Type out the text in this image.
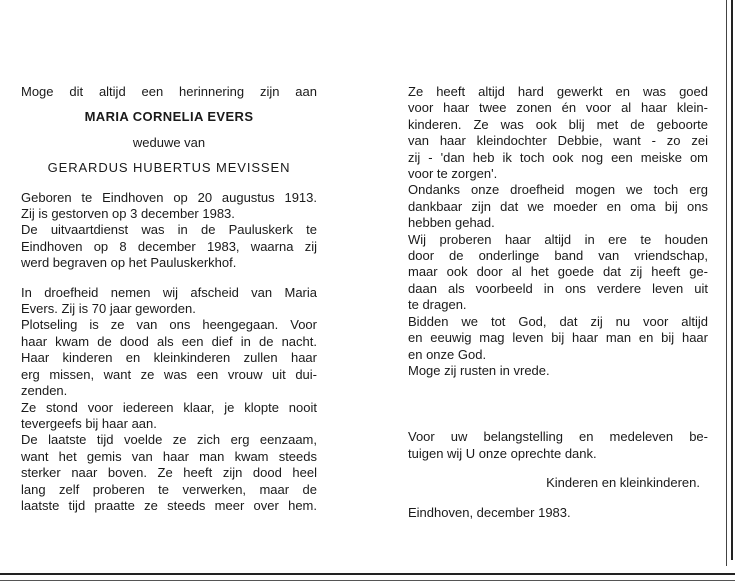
Moge dit altijd een herinnering zijn aan
MARIA CORNELIA EVERS
weduwe van
GERARDUS HUBERTUS MEVISSEN
Geboren te Eindhoven op 20 augustus 1913.
Zij is gestorven op 3 december 1983.
De uitvaartdienst was in de Pauluskerk te
Eindhoven op 8 december 1983, waarna zij
werd begraven op het Pauluskerkhof.
In droefheid nemen wij afscheid van Maria
Evers. Zij is 70 jaar geworden.
Plotseling is ze van ons heengegaan. Voor
haar kwam de dood als een dief in de nacht.
Haar kinderen en kleinkinderen zullen haar
erg missen, want ze was een vrouw uit dui-
zenden.
Ze stond voor iedereen klaar, je klopte nooit
tevergeefs bij haar aan.
De laatste tijd voelde ze zich erg eenzaam,
want het gemis van haar man kwam steeds
sterker naar boven. Ze heeft zijn dood heel
lang zelf proberen te verwerken, maar de
laatste tijd praatte ze steeds meer over hem.
Ze heeft altijd hard gewerkt en was goed
voor haar twee zonen én voor al haar klein-
kinderen. Ze was ook blij met de geboorte
van haar kleindochter Debbie, want - zo zei
zij - 'dan heb ik toch ook nog een meiske om
voor te zorgen'.
Ondanks onze droefheid mogen we toch erg
dankbaar zijn dat we moeder en oma bij ons
hebben gehad.
Wij proberen haar altijd in ere te houden
door de onderlinge band van vriendschap,
maar ook door al het goede dat zij heeft ge-
daan als voorbeeld in ons verdere leven uit
te dragen.
Bidden we tot God, dat zij nu voor altijd
en eeuwig mag leven bij haar man en bij haar
en onze God.
Moge zij rusten in vrede.
Voor uw belangstelling en medeleven be-
tuigen wij U onze oprechte dank.
Kinderen en kleinkinderen.
Eindhoven, december 1983.
